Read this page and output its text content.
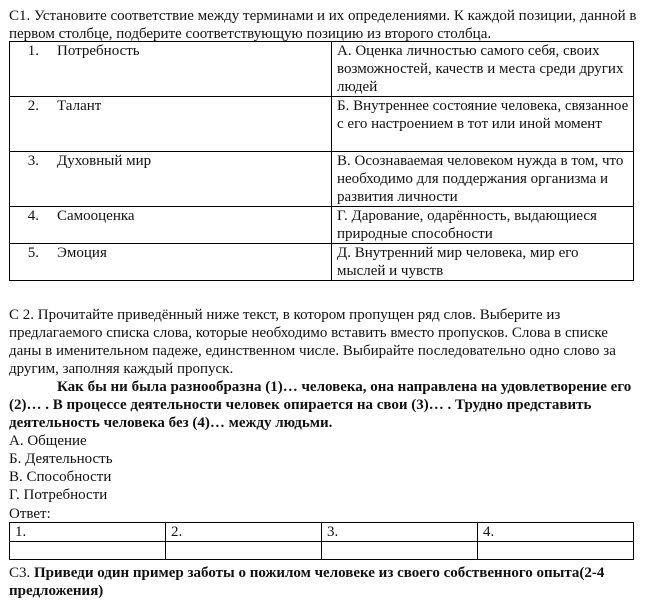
С1. Установите соответствие между терминами и их определениями. К каждой позиции, данной в первом столбце, подберите соответствующую позицию из второго столбца.

1. Потребность	А. Оценка личностью самого себя, своих возможностей, качеств и места среди других людей
2. Талант	Б. Внутреннее состояние человека, связанное с его настроением в тот или иной момент
3. Духовный мир	В. Осознаваемая человеком нужда в том, что необходимо для поддержания организма и развития личности
4. Самооценка	Г. Дарование, одарённость, выдающиеся природные способности
5. Эмоция	Д. Внутренний мир человека, мир его мыслей и чувств

С 2. Прочитайте приведённый ниже текст, в котором пропущен ряд слов. Выберите из предлагаемого списка слова, которые необходимо вставить вместо пропусков. Слова в списке даны в именительном падеже, единственном числе. Выбирайте последовательно одно слово за другим, заполняя каждый пропуск.

Как бы ни была разнообразна (1)… человека, она направлена на удовлетворение его (2)… . В процессе деятельности человек опирается на свои (3)… . Трудно представить деятельность человека без (4)… между людьми.

А. Общение
Б. Деятельность
В. Способности
Г. Потребности

Ответ:

1.	2.	3.	4.

С3. Приведи один пример заботы о пожилом человеке из своего собственного опыта(2-4 предложения)
